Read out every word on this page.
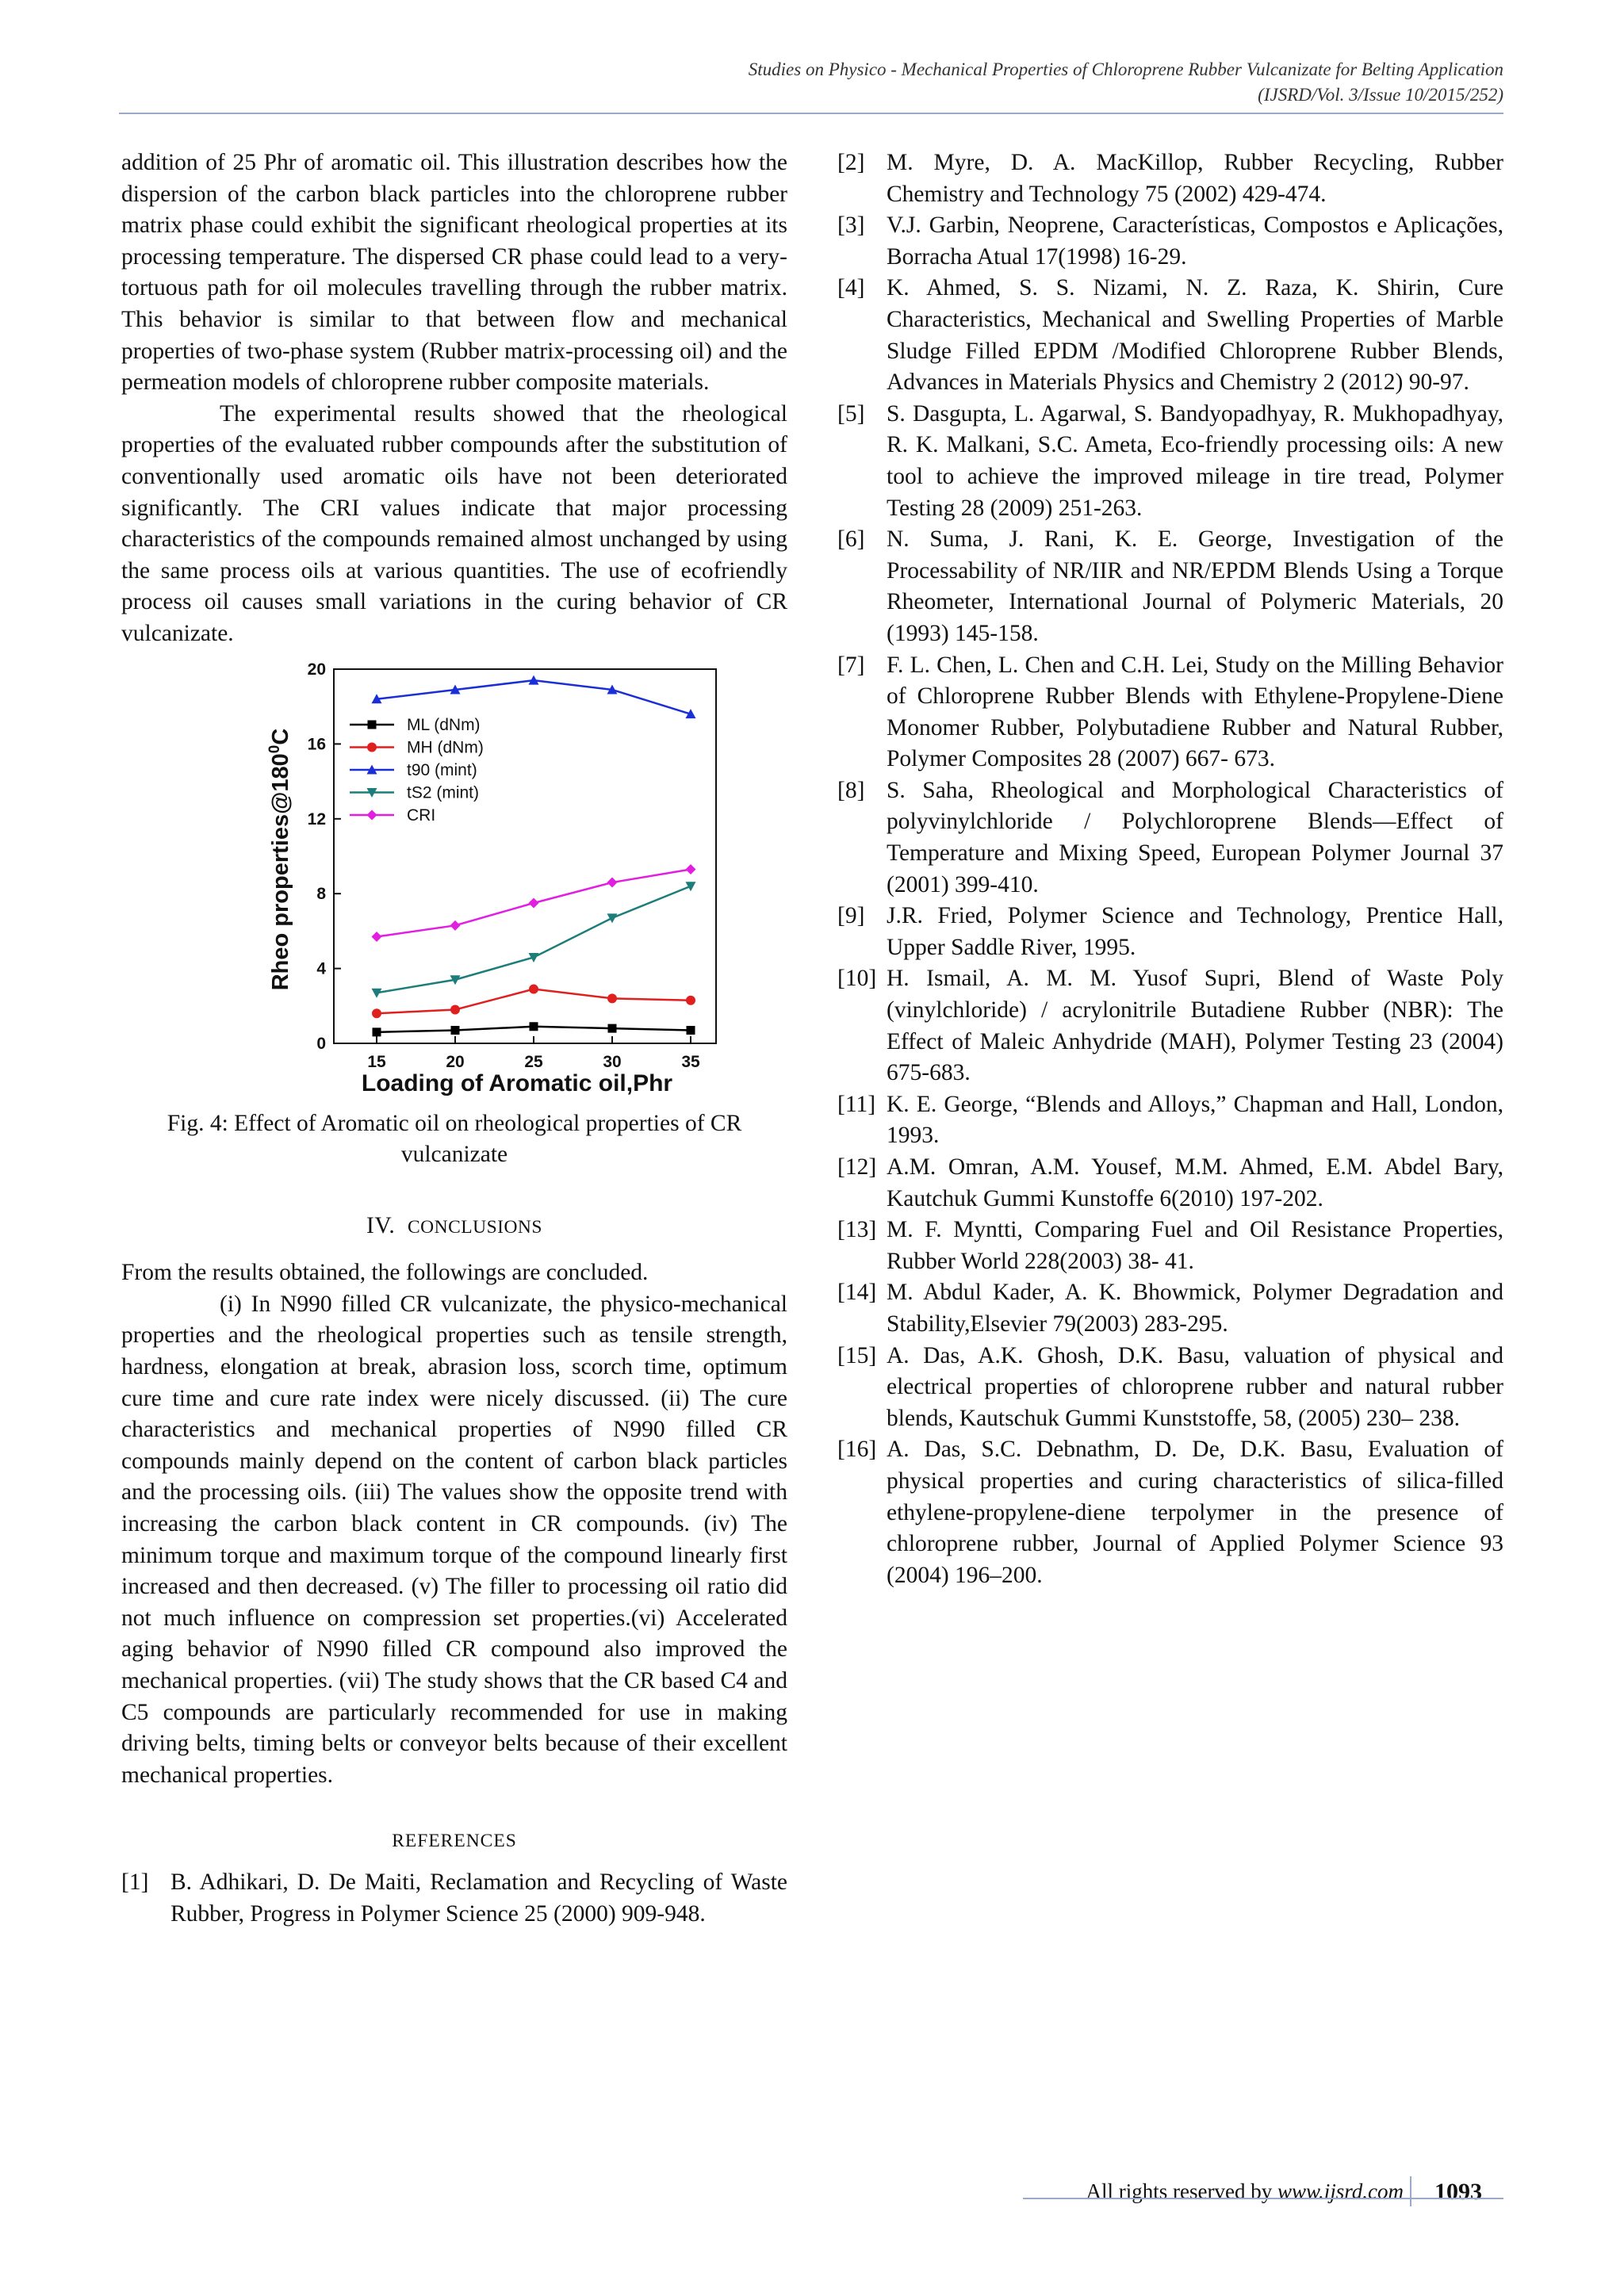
Studies on Physico - Mechanical Properties of Chloroprene Rubber Vulcanizate for Belting Application
(IJSRD/Vol. 3/Issue 10/2015/252)

addition of 25 Phr of aromatic oil. This illustration describes how the dispersion of the carbon black particles into the chloroprene rubber matrix phase could exhibit the significant rheological properties at its processing temperature. The dispersed CR phase could lead to a very-tortuous path for oil molecules travelling through the rubber matrix. This behavior is similar to that between flow and mechanical properties of two-phase system (Rubber matrix-processing oil) and the permeation models of chloroprene rubber composite materials.

The experimental results showed that the rheological properties of the evaluated rubber compounds after the substitution of conventionally used aromatic oils have not been deteriorated significantly. The CRI values indicate that major processing characteristics of the compounds remained almost unchanged by using the same process oils at various quantities. The use of ecofriendly process oil causes small variations in the curing behavior of CR vulcanizate.

0
4
8
12
16
20
15	20	25	30	35
Loading of Aromatic oil,Phr
Rheo $properties@180^0C$
ML (dNm)
MH (dNm)
t90 (mint)
tS2 (mint)
CRI

Fig. 4: Effect of Aromatic oil on rheological properties of CR vulcanizate

IV. CONCLUSIONS

From the results obtained, the followings are concluded.

(i) In N990 filled CR vulcanizate, the physico-mechanical properties and the rheological properties such as tensile strength, hardness, elongation at break, abrasion loss, scorch time, optimum cure time and cure rate index were nicely discussed. (ii) The cure characteristics and mechanical properties of N990 filled CR compounds mainly depend on the content of carbon black particles and the processing oils. (iii) The values show the opposite trend with increasing the carbon black content in CR compounds. (iv) The minimum torque and maximum torque of the compound linearly first increased and then decreased. (v) The filler to processing oil ratio did not much influence on compression set properties.(vi) Accelerated aging behavior of N990 filled CR compound also improved the mechanical properties. (vii) The study shows that the CR based C4 and C5 compounds are particularly recommended for use in making driving belts, timing belts or conveyor belts because of their excellent mechanical properties.

REFERENCES
[1] B. Adhikari, D. De Maiti, Reclamation and Recycling of Waste Rubber, Progress in Polymer Science 25 (2000) 909-948.
[2] M. Myre, D. A. MacKillop, Rubber Recycling, Rubber Chemistry and Technology 75 (2002) 429-474.
[3] V.J. Garbin, Neoprene, Características, Compostos e Aplicações, Borracha Atual 17(1998) 16-29.
[4] K. Ahmed, S. S. Nizami, N. Z. Raza, K. Shirin, Cure Characteristics, Mechanical and Swelling Properties of Marble Sludge Filled EPDM /Modified Chloroprene Rubber Blends, Advances in Materials Physics and Chemistry 2 (2012) 90-97.
[5] S. Dasgupta, L. Agarwal, S. Bandyopadhyay, R. Mukhopadhyay, R. K. Malkani, S.C. Ameta, Eco-friendly processing oils: A new tool to achieve the improved mileage in tire tread, Polymer Testing 28 (2009) 251-263.
[6] N. Suma, J. Rani, K. E. George, Investigation of the Processability of NR/IIR and NR/EPDM Blends Using a Torque Rheometer, International Journal of Polymeric Materials, 20 (1993) 145-158.
[7] F. L. Chen, L. Chen and C.H. Lei, Study on the Milling Behavior of Chloroprene Rubber Blends with Ethylene-Propylene-Diene Monomer Rubber, Polybutadiene Rubber and Natural Rubber, Polymer Composites 28 (2007) 667- 673.
[8] S. Saha, Rheological and Morphological Characteristics of polyvinylchloride / Polychloroprene Blends—Effect of Temperature and Mixing Speed, European Polymer Journal 37 (2001) 399-410.
[9] J.R. Fried, Polymer Science and Technology, Prentice Hall, Upper Saddle River, 1995.
[10] H. Ismail, A. M. M. Yusof Supri, Blend of Waste Poly (vinylchloride) / acrylonitrile Butadiene Rubber (NBR): The Effect of Maleic Anhydride (MAH), Polymer Testing 23 (2004) 675-683.
[11] K. E. George, “Blends and Alloys,” Chapman and Hall, London, 1993.
[12] A.M. Omran, A.M. Yousef, M.M. Ahmed, E.M. Abdel Bary, Kautchuk Gummi Kunstoffe 6(2010) 197-202.
[13] M. F. Myntti, Comparing Fuel and Oil Resistance Properties, Rubber World 228(2003) 38- 41.
[14] M. Abdul Kader, A. K. Bhowmick, Polymer Degradation and Stability,Elsevier 79(2003) 283-295.
[15] A. Das, A.K. Ghosh, D.K. Basu, valuation of physical and electrical properties of chloroprene rubber and natural rubber blends, Kautschuk Gummi Kunststoffe, 58, (2005) 230– 238.
[16] A. Das, S.C. Debnathm, D. De, D.K. Basu, Evaluation of physical properties and curing characteristics of silica-filled ethylene-propylene-diene terpolymer in the presence of chloroprene rubber, Journal of Applied Polymer Science 93 (2004) 196–200.
All rights reserved by www.ijsrd.com	1093
